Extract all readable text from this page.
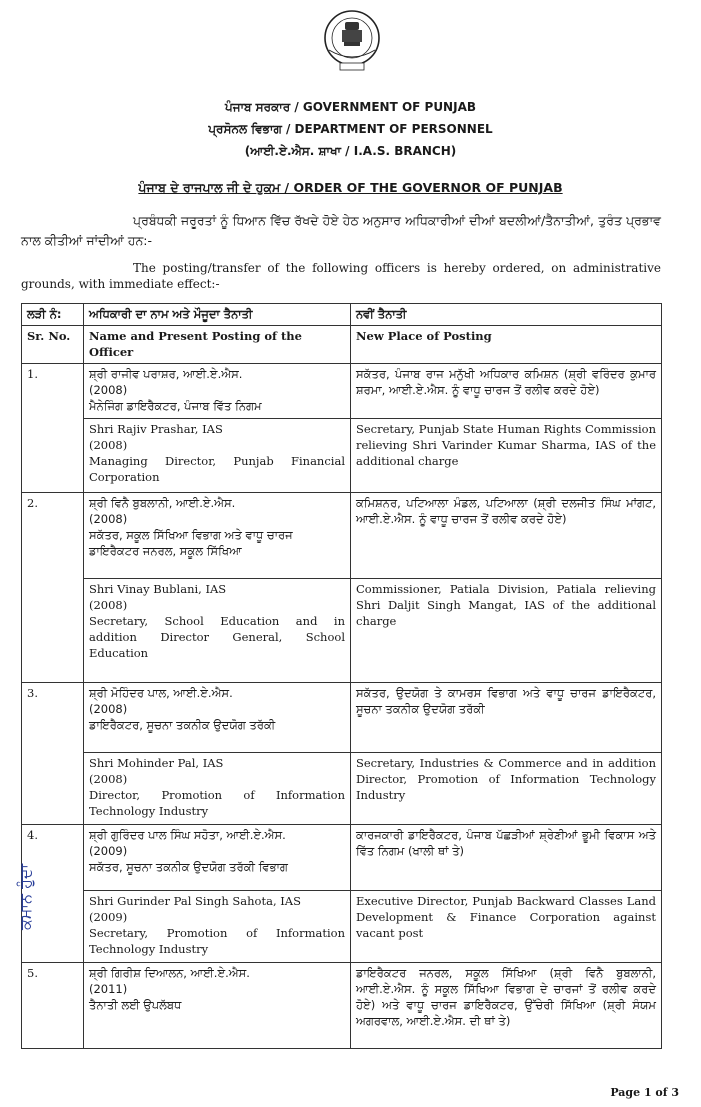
ਪੰਜਾਬ ਸਰਕਾਰ / GOVERNMENT OF PUNJAB
ਪ੍ਰਸੋਨਲ ਵਿਭਾਗ / DEPARTMENT OF PERSONNEL
(ਆਈ.ਏ.ਐਸ. ਸ਼ਾਖਾ / I.A.S. BRANCH)
ਪੰਜਾਬ ਦੇ ਰਾਜਪਾਲ ਜੀ ਦੇ ਹੁਕਮ / ORDER OF THE GOVERNOR OF PUNJAB
ਪ੍ਰਬੰਧਕੀ ਜਰੂਰਤਾਂ ਨੂੰ ਧਿਆਨ ਵਿੱਚ ਰੱਖਦੇ ਹੋਏ ਹੇਠ ਅਨੁਸਾਰ ਅਧਿਕਾਰੀਆਂ ਦੀਆਂ ਬਦਲੀਆਂ/ਤੈਨਾਤੀਆਂ, ਤੁਰੰਤ ਪ੍ਰਭਾਵ ਨਾਲ ਕੀਤੀਆਂ ਜਾਂਦੀਆਂ ਹਨ:-
The posting/transfer of the following officers is hereby ordered, on administrative grounds, with immediate effect:-
ਲੜੀ ਨੰ:	ਅਧਿਕਾਰੀ ਦਾ ਨਾਮ ਅਤੇ ਮੌਜੂਦਾ ਤੈਨਾਤੀ	ਨਵੀਂ ਤੈਨਾਤੀ
Sr. No.	Name and Present Posting of the Officer	New Place of Posting
1.	ਸ਼੍ਰੀ ਰਾਜੀਵ ਪਰਾਸ਼ਰ, ਆਈ.ਏ.ਐਸ.
(2008)
ਮੈਨੇਜਿੰਗ ਡਾਇਰੈਕਟਰ, ਪੰਜਾਬ ਵਿੱਤ ਨਿਗਮ	ਸਕੱਤਰ, ਪੰਜਾਬ ਰਾਜ ਮਨੁੱਖੀ ਅਧਿਕਾਰ ਕਮਿਸ਼ਨ (ਸ਼੍ਰੀ ਵਰਿੰਦਰ ਕੁਮਾਰ ਸ਼ਰਮਾ, ਆਈ.ਏ.ਐਸ. ਨੂੰ ਵਾਧੂ ਚਾਰਜ ਤੋਂ ਰਲੀਵ ਕਰਦੇ ਹੋਏ)

	Shri Rajiv Prashar, IAS
(2008)
Managing Director, Punjab Financial Corporation	Secretary, Punjab State Human Rights Commission relieving Shri Varinder Kumar Sharma, IAS of the additional charge
2.	ਸ਼੍ਰੀ ਵਿਨੈ ਬੁਬਲਾਨੀ, ਆਈ.ਏ.ਐਸ.
(2008)
ਸਕੱਤਰ, ਸਕੂਲ ਸਿੱਖਿਆ ਵਿਭਾਗ ਅਤੇ ਵਾਧੂ ਚਾਰਜ ਡਾਇਰੈਕਟਰ ਜਨਰਲ, ਸਕੂਲ ਸਿੱਖਿਆ	ਕਮਿਸ਼ਨਰ, ਪਟਿਆਲਾ ਮੰਡਲ, ਪਟਿਆਲਾ (ਸ਼੍ਰੀ ਦਲਜੀਤ ਸਿੰਘ ਮਾਂਗਟ, ਆਈ.ਏ.ਐਸ. ਨੂੰ ਵਾਧੂ ਚਾਰਜ ਤੋਂ ਰਲੀਵ ਕਰਦੇ ਹੋਏ)

	Shri Vinay Bublani, IAS
(2008)
Secretary, School Education and in addition Director General, School Education	Commissioner, Patiala Division, Patiala relieving Shri Daljit Singh Mangat, IAS of the additional charge
3.	ਸ਼੍ਰੀ ਮੋਹਿੰਦਰ ਪਾਲ, ਆਈ.ਏ.ਐਸ.
(2008)
ਡਾਇਰੈਕਟਰ, ਸੂਚਨਾ ਤਕਨੀਕ ਉਦਯੋਗ ਤਰੱਕੀ	ਸਕੱਤਰ, ਉਦਯੋਗ ਤੇ ਕਾਮਰਸ ਵਿਭਾਗ ਅਤੇ ਵਾਧੂ ਚਾਰਜ ਡਾਇਰੈਕਟਰ, ਸੂਚਨਾ ਤਕਨੀਕ ਉਦਯੋਗ ਤਰੱਕੀ

	Shri Mohinder Pal, IAS
(2008)
Director, Promotion of Information Technology Industry	Secretary, Industries & Commerce and in addition Director, Promotion of Information Technology Industry
4.	ਸ਼੍ਰੀ ਗੁਰਿੰਦਰ ਪਾਲ ਸਿੰਘ ਸਹੋਤਾ, ਆਈ.ਏ.ਐਸ.
(2009)
ਸਕੱਤਰ, ਸੂਚਨਾ ਤਕਨੀਕ ਉਦਯੋਗ ਤਰੱਕੀ ਵਿਭਾਗ	ਕਾਰਜਕਾਰੀ ਡਾਇਰੈਕਟਰ, ਪੰਜਾਬ ਪੱਛੜੀਆਂ ਸ਼੍ਰੇਣੀਆਂ ਭੂਮੀ ਵਿਕਾਸ ਅਤੇ ਵਿੱਤ ਨਿਗਮ (ਖਾਲੀ ਥਾਂ ਤੇ)

	Shri Gurinder Pal Singh Sahota, IAS
(2009)
Secretary, Promotion of Information Technology Industry	Executive Director, Punjab Backward Classes Land Development & Finance Corporation against vacant post
5.	ਸ਼੍ਰੀ ਗਿਰੀਸ਼ ਦਿਆਲਨ, ਆਈ.ਏ.ਐਸ.
(2011)
ਤੈਨਾਤੀ ਲਈ ਉਪਲੱਬਧ	ਡਾਇਰੈਕਟਰ ਜਨਰਲ, ਸਕੂਲ ਸਿੱਖਿਆ (ਸ਼੍ਰੀ ਵਿਨੈ ਬੁਬਲਾਨੀ, ਆਈ.ਏ.ਐਸ. ਨੂੰ ਸਕੂਲ ਸਿੱਖਿਆ ਵਿਭਾਗ ਦੇ ਚਾਰਜਾਂ ਤੋਂ ਰਲੀਵ ਕਰਦੇ ਹੋਏ) ਅਤੇ ਵਾਧੂ ਚਾਰਜ ਡਾਇਰੈਕਟਰ, ਉੱਚੇਰੀ ਸਿੱਖਿਆ (ਸ਼੍ਰੀ ਸੰਯਮ ਅਗਰਵਾਲ, ਆਈ.ਏ.ਐਸ. ਦੀ ਥਾਂ ਤੇ)
ਕਮਾਨ ਹੁੰਦਾ
Page 1 of 3
